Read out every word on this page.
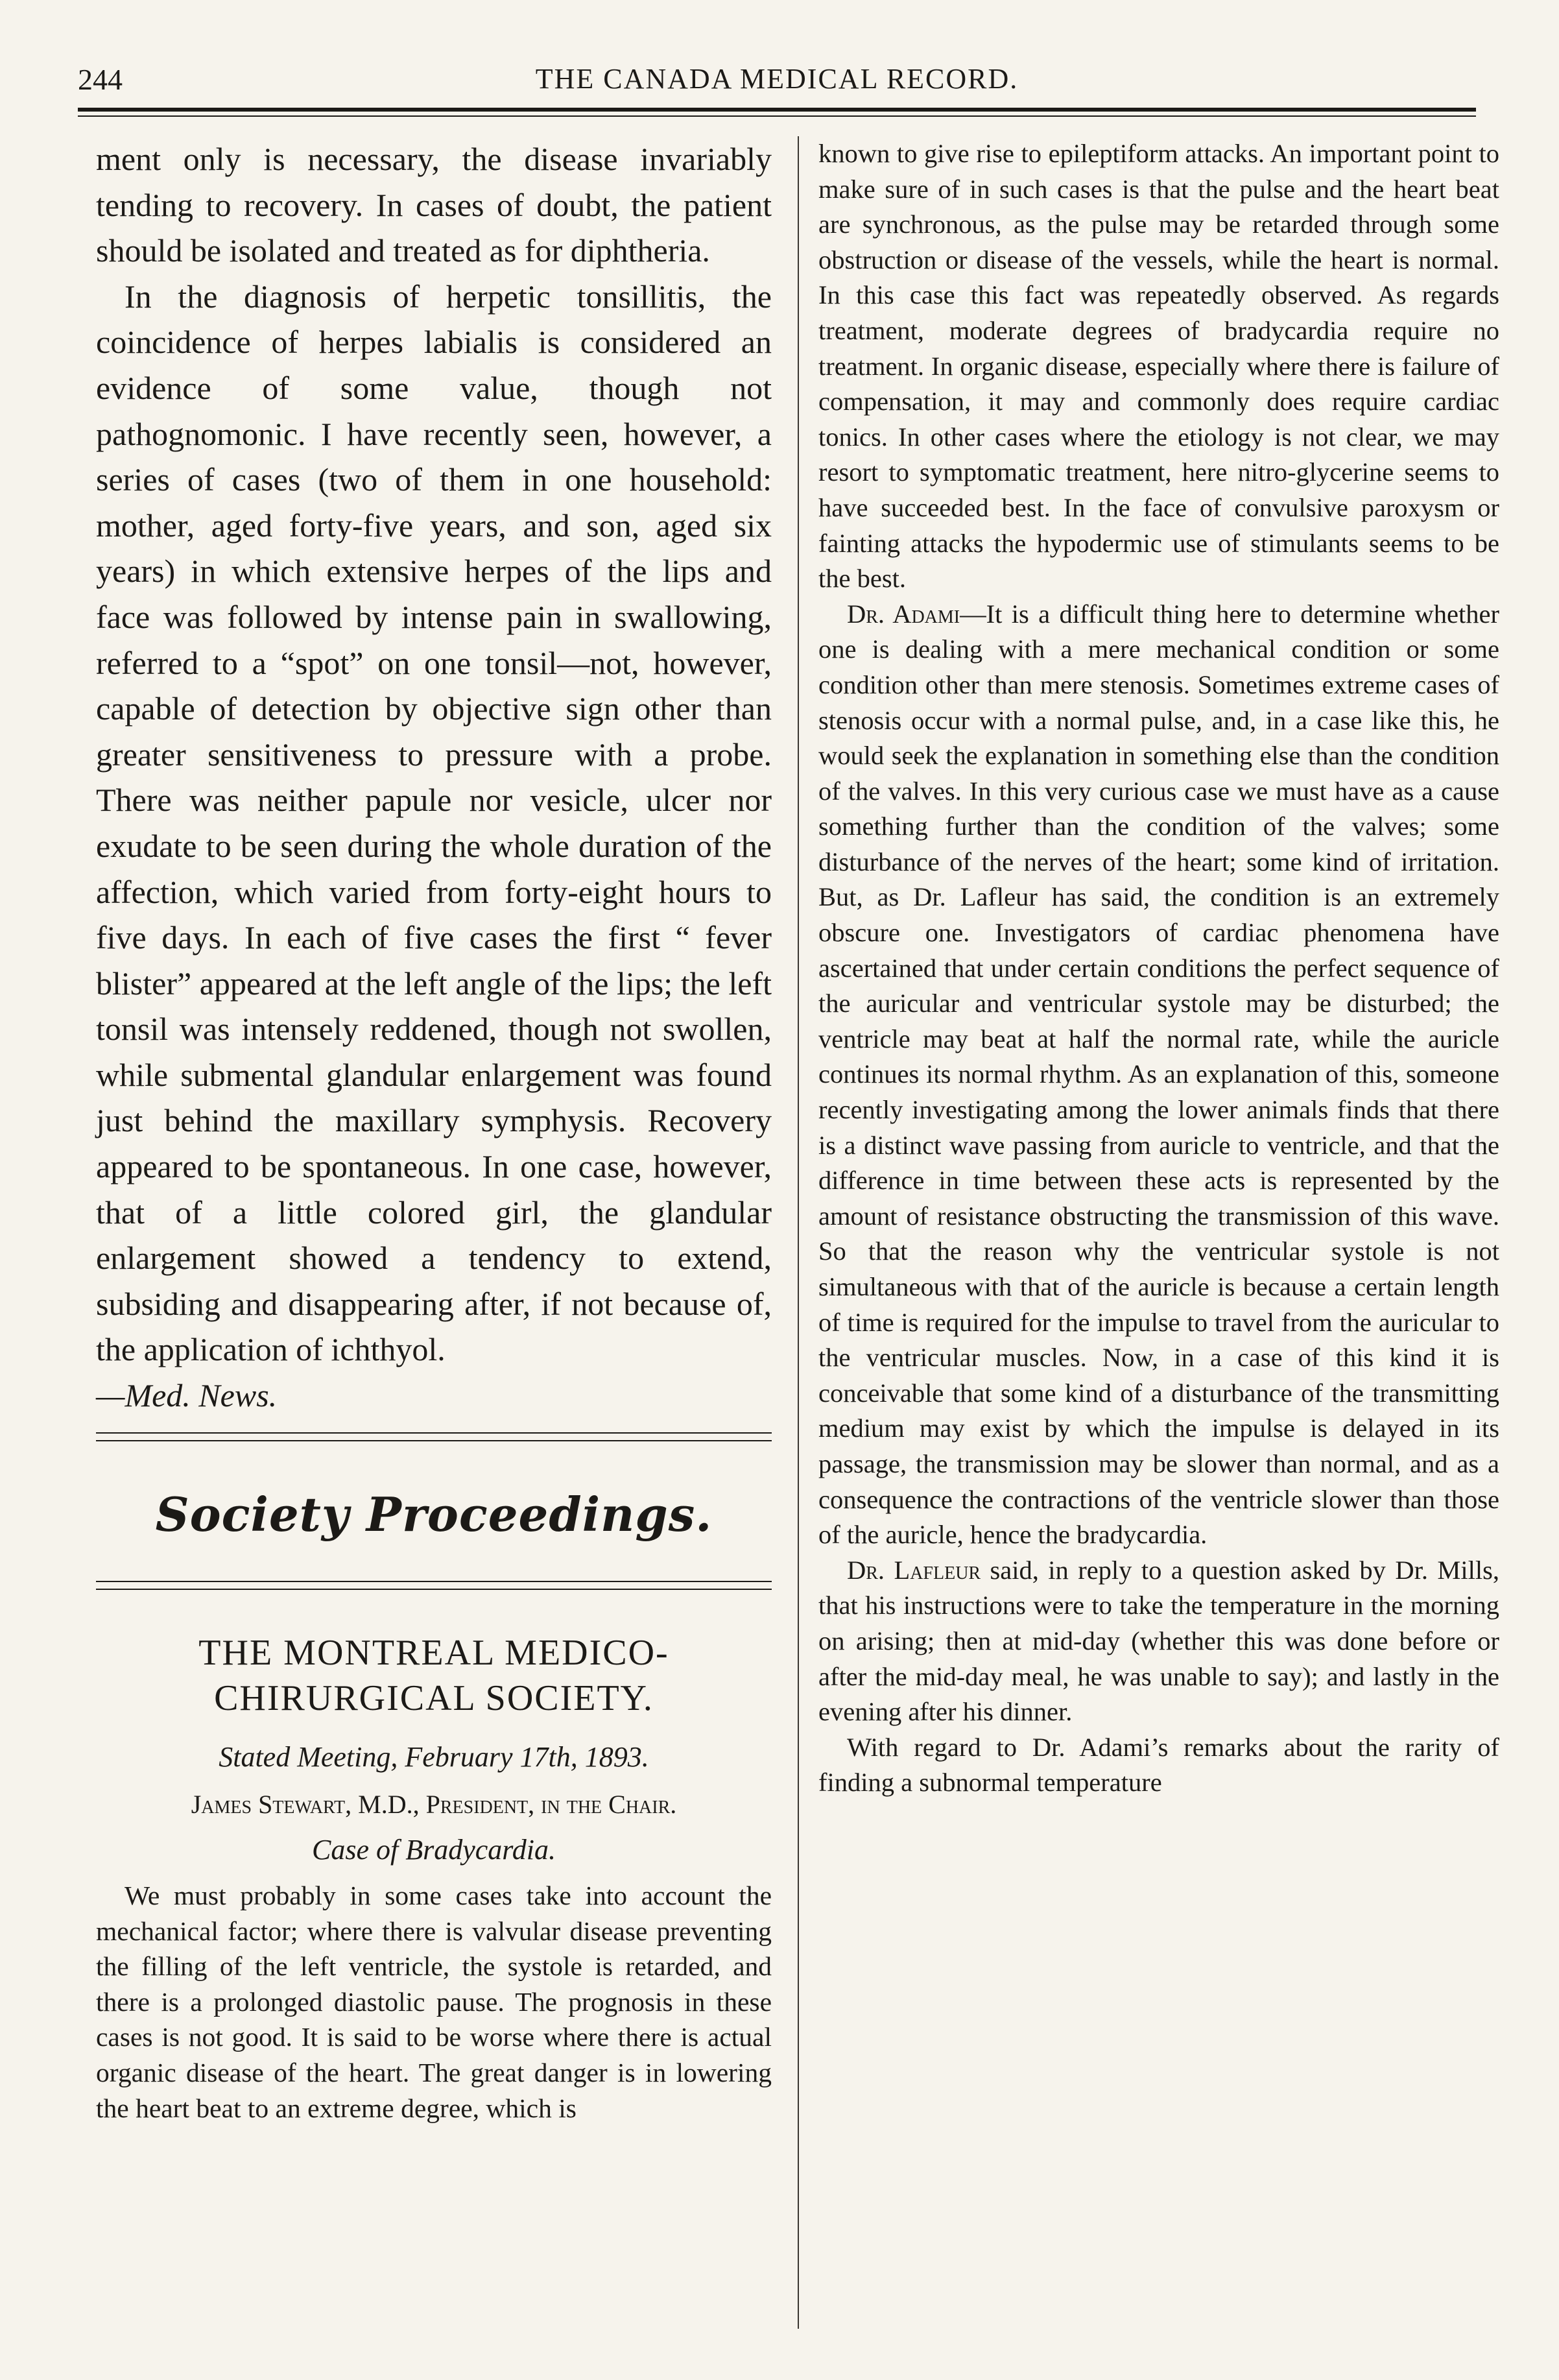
244	THE CANADA MEDICAL RECORD.

ment only is necessary, the disease invariably tending to recovery. In cases of doubt, the patient should be isolated and treated as for diphtheria.

In the diagnosis of herpetic tonsillitis, the coincidence of herpes labialis is considered an evidence of some value, though not pathognomonic. I have recently seen, however, a series of cases (two of them in one household: mother, aged forty-five years, and son, aged six years) in which extensive herpes of the lips and face was followed by intense pain in swallowing, referred to a “spot” on one tonsil—not, however, capable of detection by objective sign other than greater sensitiveness to pressure with a probe. There was neither papule nor vesicle, ulcer nor exudate to be seen during the whole duration of the affection, which varied from forty-eight hours to five days. In each of five cases the first “ fever blister” appeared at the left angle of the lips; the left tonsil was intensely reddened, though not swollen, while submental glandular enlargement was found just behind the maxillary symphysis. Recovery appeared to be spontaneous. In one case, however, that of a little colored girl, the glandular enlargement showed a tendency to extend, subsiding and disappearing after, if not because of, the application of ichthyol.

—Med. News.

Society Proceedings.
THE MONTREAL MEDICO-CHIRURGICAL SOCIETY.
Stated Meeting, February 17th, 1893.
James Stewart, M.D., President, in the Chair.
Case of Bradycardia.

We must probably in some cases take into account the mechanical factor; where there is valvular disease preventing the filling of the left ventricle, the systole is retarded, and there is a prolonged diastolic pause. The prognosis in these cases is not good. It is said to be worse where there is actual organic disease of the heart. The great danger is in lowering the heart beat to an extreme degree, which is

known to give rise to epileptiform attacks. An important point to make sure of in such cases is that the pulse and the heart beat are synchronous, as the pulse may be retarded through some obstruction or disease of the vessels, while the heart is normal. In this case this fact was repeatedly observed. As regards treatment, moderate degrees of bradycardia require no treatment. In organic disease, especially where there is failure of compensation, it may and commonly does require cardiac tonics. In other cases where the etiology is not clear, we may resort to symptomatic treatment, here nitro-glycerine seems to have succeeded best. In the face of convulsive paroxysm or fainting attacks the hypodermic use of stimulants seems to be the best.

Dr. Adami—It is a difficult thing here to determine whether one is dealing with a mere mechanical condition or some condition other than mere stenosis. Sometimes extreme cases of stenosis occur with a normal pulse, and, in a case like this, he would seek the explanation in something else than the condition of the valves. In this very curious case we must have as a cause something further than the condition of the valves; some disturbance of the nerves of the heart; some kind of irritation. But, as Dr. Lafleur has said, the condition is an extremely obscure one. Investigators of cardiac phenomena have ascertained that under certain conditions the perfect sequence of the auricular and ventricular systole may be disturbed; the ventricle may beat at half the normal rate, while the auricle continues its normal rhythm. As an explanation of this, someone recently investigating among the lower animals finds that there is a distinct wave passing from auricle to ventricle, and that the difference in time between these acts is represented by the amount of resistance obstructing the transmission of this wave. So that the reason why the ventricular systole is not simultaneous with that of the auricle is because a certain length of time is required for the impulse to travel from the auricular to the ventricular muscles. Now, in a case of this kind it is conceivable that some kind of a disturbance of the transmitting medium may exist by which the impulse is delayed in its passage, the transmission may be slower than normal, and as a consequence the contractions of the ventricle slower than those of the auricle, hence the bradycardia.

Dr. Lafleur said, in reply to a question asked by Dr. Mills, that his instructions were to take the temperature in the morning on arising; then at mid-day (whether this was done before or after the mid-day meal, he was unable to say); and lastly in the evening after his dinner.

With regard to Dr. Adami’s remarks about the rarity of finding a subnormal temperature
